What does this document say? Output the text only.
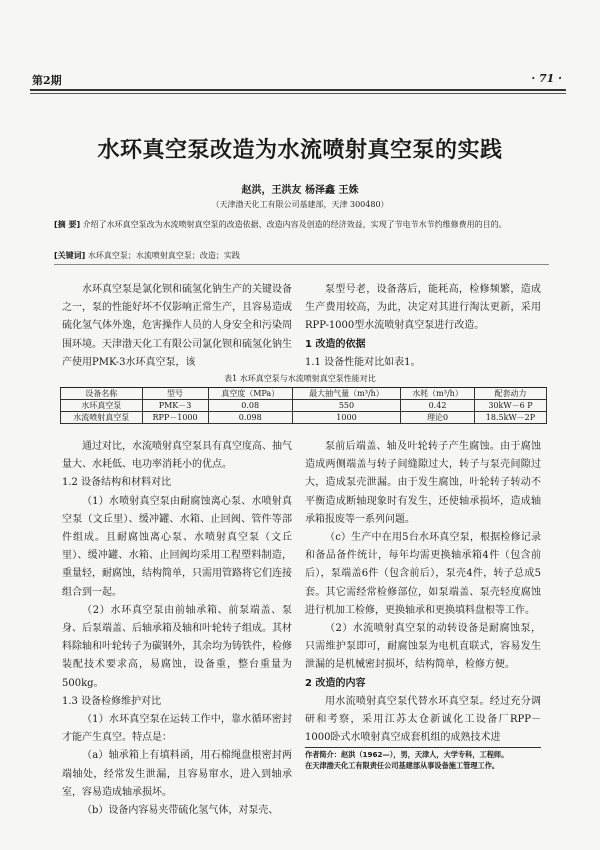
第2期	· 71 ·
水环真空泵改造为水流喷射真空泵的实践
赵洪，王洪友 杨泽鑫 王姝
（天津渤天化工有限公司基建部，天津 300480）
[摘 要] 介绍了水环真空泵改为水流喷射真空泵的改造依据、改造内容及创造的经济效益，实现了节电节水节约维修费用的目的。
[关键词] 水环真空泵；水流喷射真空泵；改造；实践

水环真空泵是氯化钡和硫氢化钠生产的关键设备之一，泵的性能好坏不仅影响正常生产，且容易造成硫化氢气体外逸，危害操作人员的人身安全和污染周围环境。天津渤天化工有限公司氯化钡和硫氢化钠生产使用PMK-3水环真空泵，该

泵型号老，设备落后，能耗高，检修频繁，造成生产费用较高，为此，决定对其进行淘汰更新，采用RPP-1000型水流喷射真空泵进行改造。

1 改造的依据

1.1 设备性能对比如表1。

表1 水环真空泵与水流喷射真空泵性能对比
设备名称	型号	真空度（MPa）	最大抽气量（m³/h）	水耗（m³/h）	配套动力
水环真空泵	PMK－3	0.08	550	0.42	30kW－6 P
水流喷射真空泵	RPP－1000	0.098	1000	理论0	18.5kW－2P

通过对比，水流喷射真空泵具有真空度高、抽气量大、水耗低、电功率消耗小的优点。

1.2 设备结构和材料对比

（1）水喷射真空泵由耐腐蚀离心泵、水喷射真空泵（文丘里）、缓冲罐、水箱、止回阀、管件等部件组成。且耐腐蚀离心泵、水喷射真空泵（文丘里）、缓冲罐、水箱、止回阀均采用工程塑料制造，重量轻，耐腐蚀，结构简单，只需用管路将它们连接组合到一起。

（2）水环真空泵由前轴承箱、前泵端盖、泵身、后泵端盖、后轴承箱及轴和叶轮转子组成。其材料除轴和叶轮转子为碳钢外，其余均为铸铁件，检修装配技术要求高，易腐蚀，设备重，整台重量为500kg。

1.3 设备检修维护对比

（1）水环真空泵在运转工作中，靠水循环密封才能产生真空。特点是：

（a）轴承箱上有填料函，用石棉绳盘根密封两端轴处，经常发生泄漏，且容易窜水，进入到轴承室，容易造成轴承损坏。

（b）设备内容易夹带硫化氢气体，对泵壳、

泵前后端盖、轴及叶轮转子产生腐蚀。由于腐蚀造成两侧端盖与转子间缝隙过大，转子与泵壳间隙过大，造成泵壳泄漏。由于发生腐蚀，叶轮转子转动不平衡造成断轴现象时有发生，还使轴承损坏，造成轴承箱报废等一系列问题。

（c）生产中在用5台水环真空泵，根据检修记录和备品备件统计，每年均需更换轴承箱4件（包含前后），泵端盖6件（包含前后），泵壳4件，转子总成5套。其它需经常检修部位，如泵端盖、泵壳轻度腐蚀进行机加工检修，更换轴承和更换填料盘根等工作。

（2）水流喷射真空泵的动转设备是耐腐蚀泵，只需维护泵即可，耐腐蚀泵为电机直联式，容易发生泄漏的是机械密封损坏，结构简单，检修方便。

2 改造的内容

用水流喷射真空泵代替水环真空泵。经过充分调研和考察，采用江苏太仓新诚化工设备厂RPP－1000卧式水喷射真空成套机组的成熟技术进

作者简介：赵洪（1962—），男，天津人，大学专科，工程师。
在天津渤天化工有限责任公司基建部从事设备施工管理工作。
